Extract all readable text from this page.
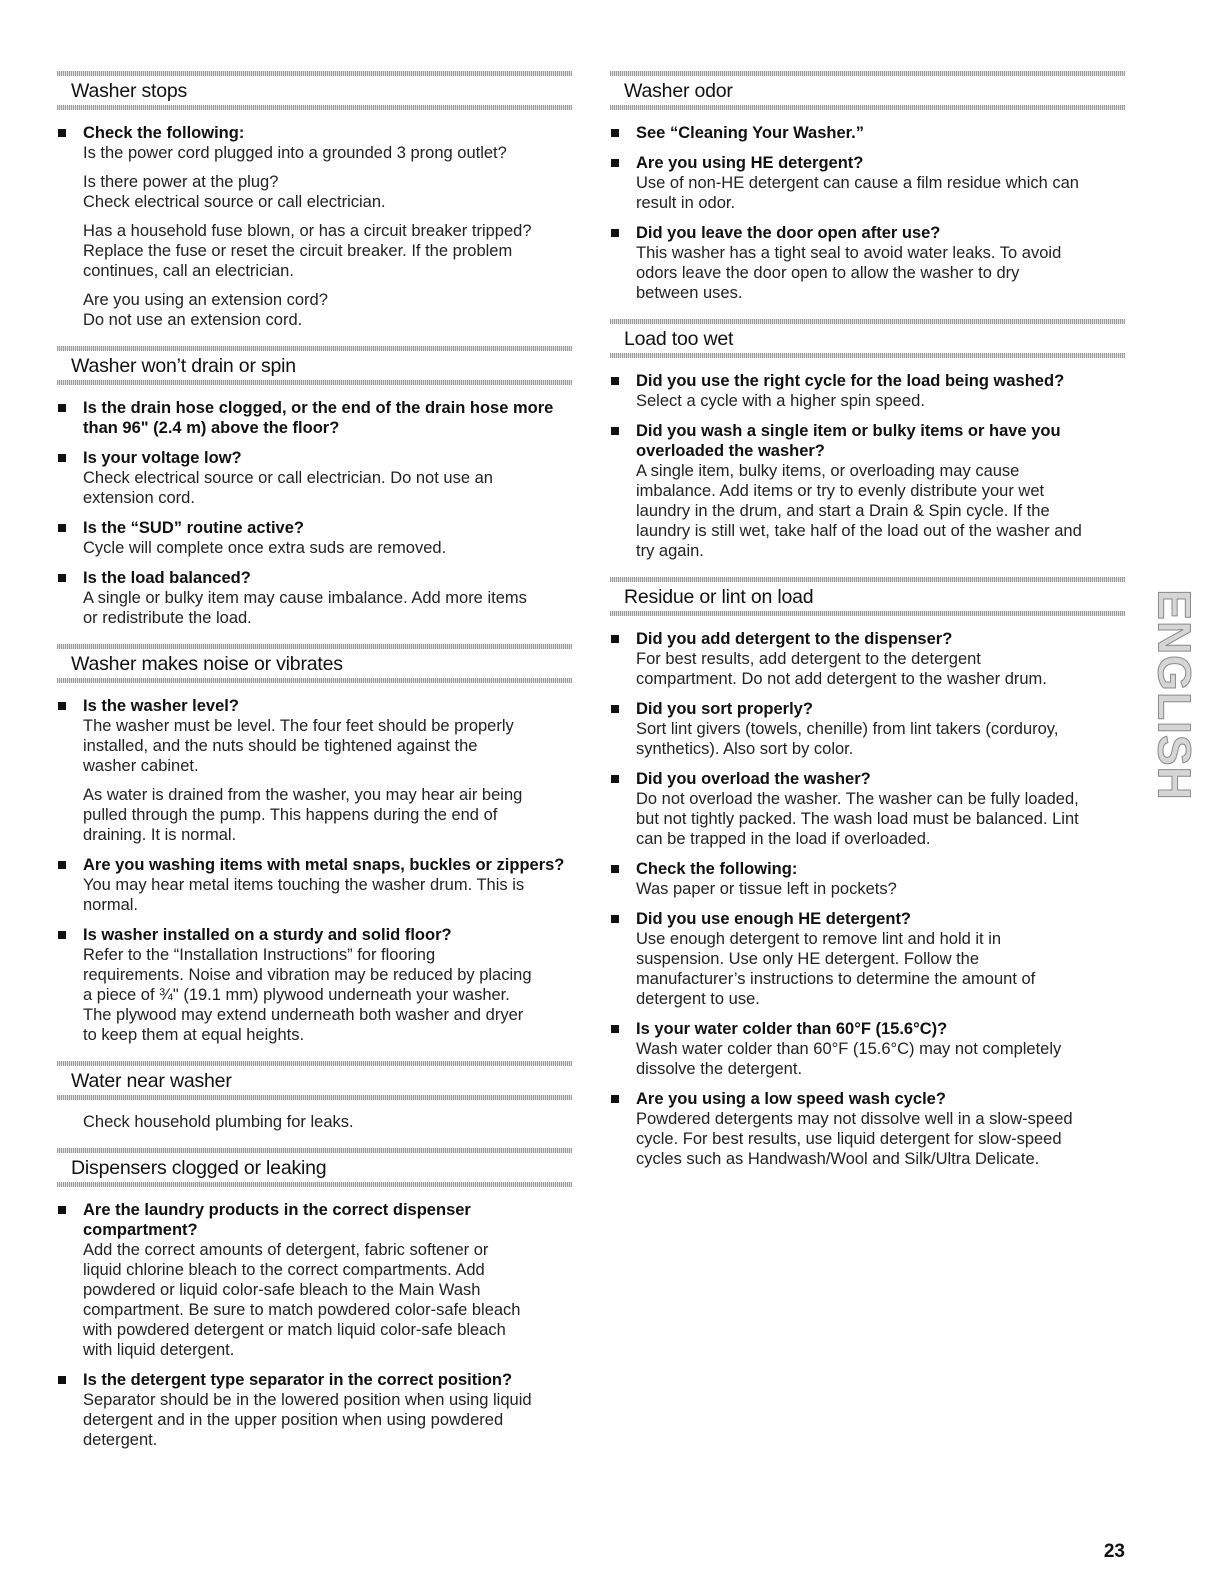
Washer stops
Check the following:
Is the power cord plugged into a grounded 3 prong outlet?
Is there power at the plug?
Check electrical source or call electrician.
Has a household fuse blown, or has a circuit breaker tripped?
Replace the fuse or reset the circuit breaker. If the problem
continues, call an electrician.
Are you using an extension cord?
Do not use an extension cord.
Washer won’t drain or spin
Is the drain hose clogged, or the end of the drain hose more than 96" (2.4 m) above the floor?
Is your voltage low?
Check electrical source or call electrician. Do not use an
extension cord.
Is the “SUD” routine active?
Cycle will complete once extra suds are removed.
Is the load balanced?
A single or bulky item may cause imbalance. Add more items
or redistribute the load.
Washer makes noise or vibrates
Is the washer level?
The washer must be level. The four feet should be properly
installed, and the nuts should be tightened against the
washer cabinet.
As water is drained from the washer, you may hear air being
pulled through the pump. This happens during the end of
draining. It is normal.
Are you washing items with metal snaps, buckles or zippers?
You may hear metal items touching the washer drum. This is
normal.
Is washer installed on a sturdy and solid floor?
Refer to the “Installation Instructions” for flooring
requirements. Noise and vibration may be reduced by placing
a piece of ¾" (19.1 mm) plywood underneath your washer.
The plywood may extend underneath both washer and dryer
to keep them at equal heights.
Water near washer
Check household plumbing for leaks.
Dispensers clogged or leaking
Are the laundry products in the correct dispenser compartment?
Add the correct amounts of detergent, fabric softener or
liquid chlorine bleach to the correct compartments. Add
powdered or liquid color-safe bleach to the Main Wash
compartment. Be sure to match powdered color-safe bleach
with powdered detergent or match liquid color-safe bleach
with liquid detergent.
Is the detergent type separator in the correct position?
Separator should be in the lowered position when using liquid
detergent and in the upper position when using powdered
detergent.
Washer odor
See “Cleaning Your Washer.”
Are you using HE detergent?
Use of non-HE detergent can cause a film residue which can
result in odor.
Did you leave the door open after use?
This washer has a tight seal to avoid water leaks. To avoid
odors leave the door open to allow the washer to dry
between uses.
Load too wet
Did you use the right cycle for the load being washed?
Select a cycle with a higher spin speed.
Did you wash a single item or bulky items or have you overloaded the washer?
A single item, bulky items, or overloading may cause
imbalance. Add items or try to evenly distribute your wet
laundry in the drum, and start a Drain & Spin cycle. If the
laundry is still wet, take half of the load out of the washer and
try again.
Residue or lint on load
Did you add detergent to the dispenser?
For best results, add detergent to the detergent
compartment. Do not add detergent to the washer drum.
Did you sort properly?
Sort lint givers (towels, chenille) from lint takers (corduroy,
synthetics). Also sort by color.
Did you overload the washer?
Do not overload the washer. The washer can be fully loaded,
but not tightly packed. The wash load must be balanced. Lint
can be trapped in the load if overloaded.
Check the following:
Was paper or tissue left in pockets?
Did you use enough HE detergent?
Use enough detergent to remove lint and hold it in
suspension. Use only HE detergent. Follow the
manufacturer’s instructions to determine the amount of
detergent to use.
Is your water colder than 60°F (15.6°C)?
Wash water colder than 60°F (15.6°C) may not completely
dissolve the detergent.
Are you using a low speed wash cycle?
Powdered detergents may not dissolve well in a slow-speed
cycle. For best results, use liquid detergent for slow-speed
cycles such as Handwash/Wool and Silk/Ultra Delicate.
ENGLISH
23
